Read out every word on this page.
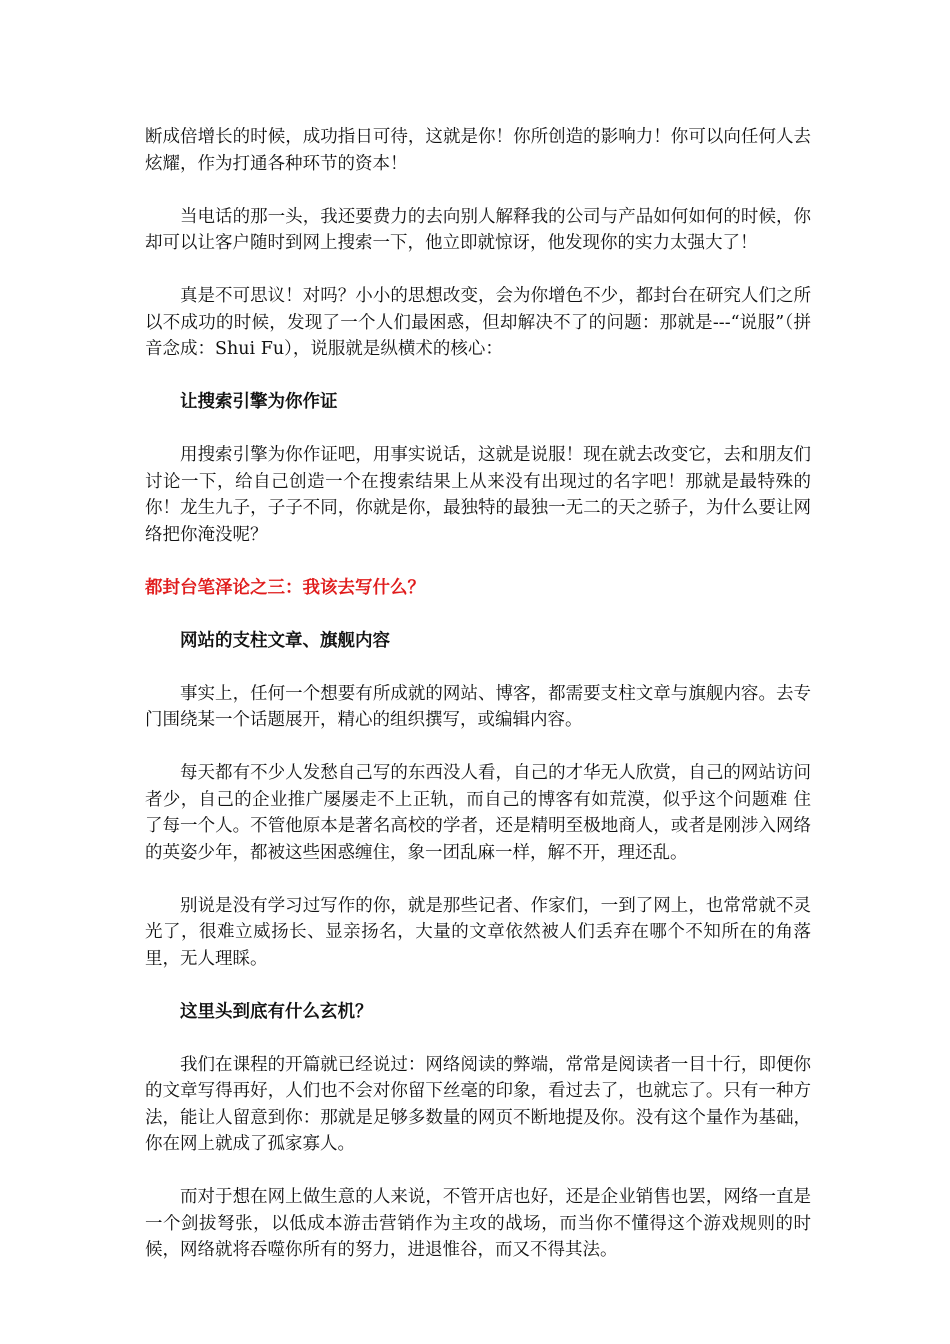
断成倍增长的时候，成功指日可待，这就是你！你所创造的影响力！你可以向任何人去炫耀，作为打通各种环节的资本！

当电话的那一头，我还要费力的去向别人解释我的公司与产品如何如何的时候，你却可以让客户随时到网上搜索一下，他立即就惊讶，他发现你的实力太强大了！

真是不可思议！对吗？小小的思想改变，会为你增色不少，都封台在研究人们之所以不成功的时候，发现了一个人们最困惑，但却解决不了的问题：那就是---“说服”（拼音念成：Shui Fu），说服就是纵横术的核心：

让搜索引擎为你作证

用搜索引擎为你作证吧，用事实说话，这就是说服！现在就去改变它，去和朋友们讨论一下，给自己创造一个在搜索结果上从来没有出现过的名字吧！那就是最特殊的你！龙生九子，子子不同，你就是你，最独特的最独一无二的天之骄子，为什么要让网络把你淹没呢？

都封台笔泽论之三：我该去写什么？

网站的支柱文章、旗舰内容

事实上，任何一个想要有所成就的网站、博客，都需要支柱文章与旗舰内容。去专门围绕某一个话题展开，精心的组织撰写，或编辑内容。

每天都有不少人发愁自己写的东西没人看，自己的才华无人欣赏，自己的网站访问者少，自己的企业推广屡屡走不上正轨，而自己的博客有如荒漠，似乎这个问题难 住了每一个人。不管他原本是著名高校的学者，还是精明至极地商人，或者是刚涉入网络的英姿少年，都被这些困惑缠住，象一团乱麻一样，解不开，理还乱。

别说是没有学习过写作的你，就是那些记者、作家们，一到了网上，也常常就不灵光了，很难立威扬长、显亲扬名，大量的文章依然被人们丢弃在哪个不知所在的角落里，无人理睬。

这里头到底有什么玄机？

我们在课程的开篇就已经说过：网络阅读的弊端，常常是阅读者一目十行，即便你的文章写得再好，人们也不会对你留下丝毫的印象，看过去了，也就忘了。只有一种方法，能让人留意到你：那就是足够多数量的网页不断地提及你。没有这个量作为基础，你在网上就成了孤家寡人。

而对于想在网上做生意的人来说，不管开店也好，还是企业销售也罢，网络一直是一个剑拔弩张，以低成本游击营销作为主攻的战场，而当你不懂得这个游戏规则的时候，网络就将吞噬你所有的努力，进退惟谷，而又不得其法。
